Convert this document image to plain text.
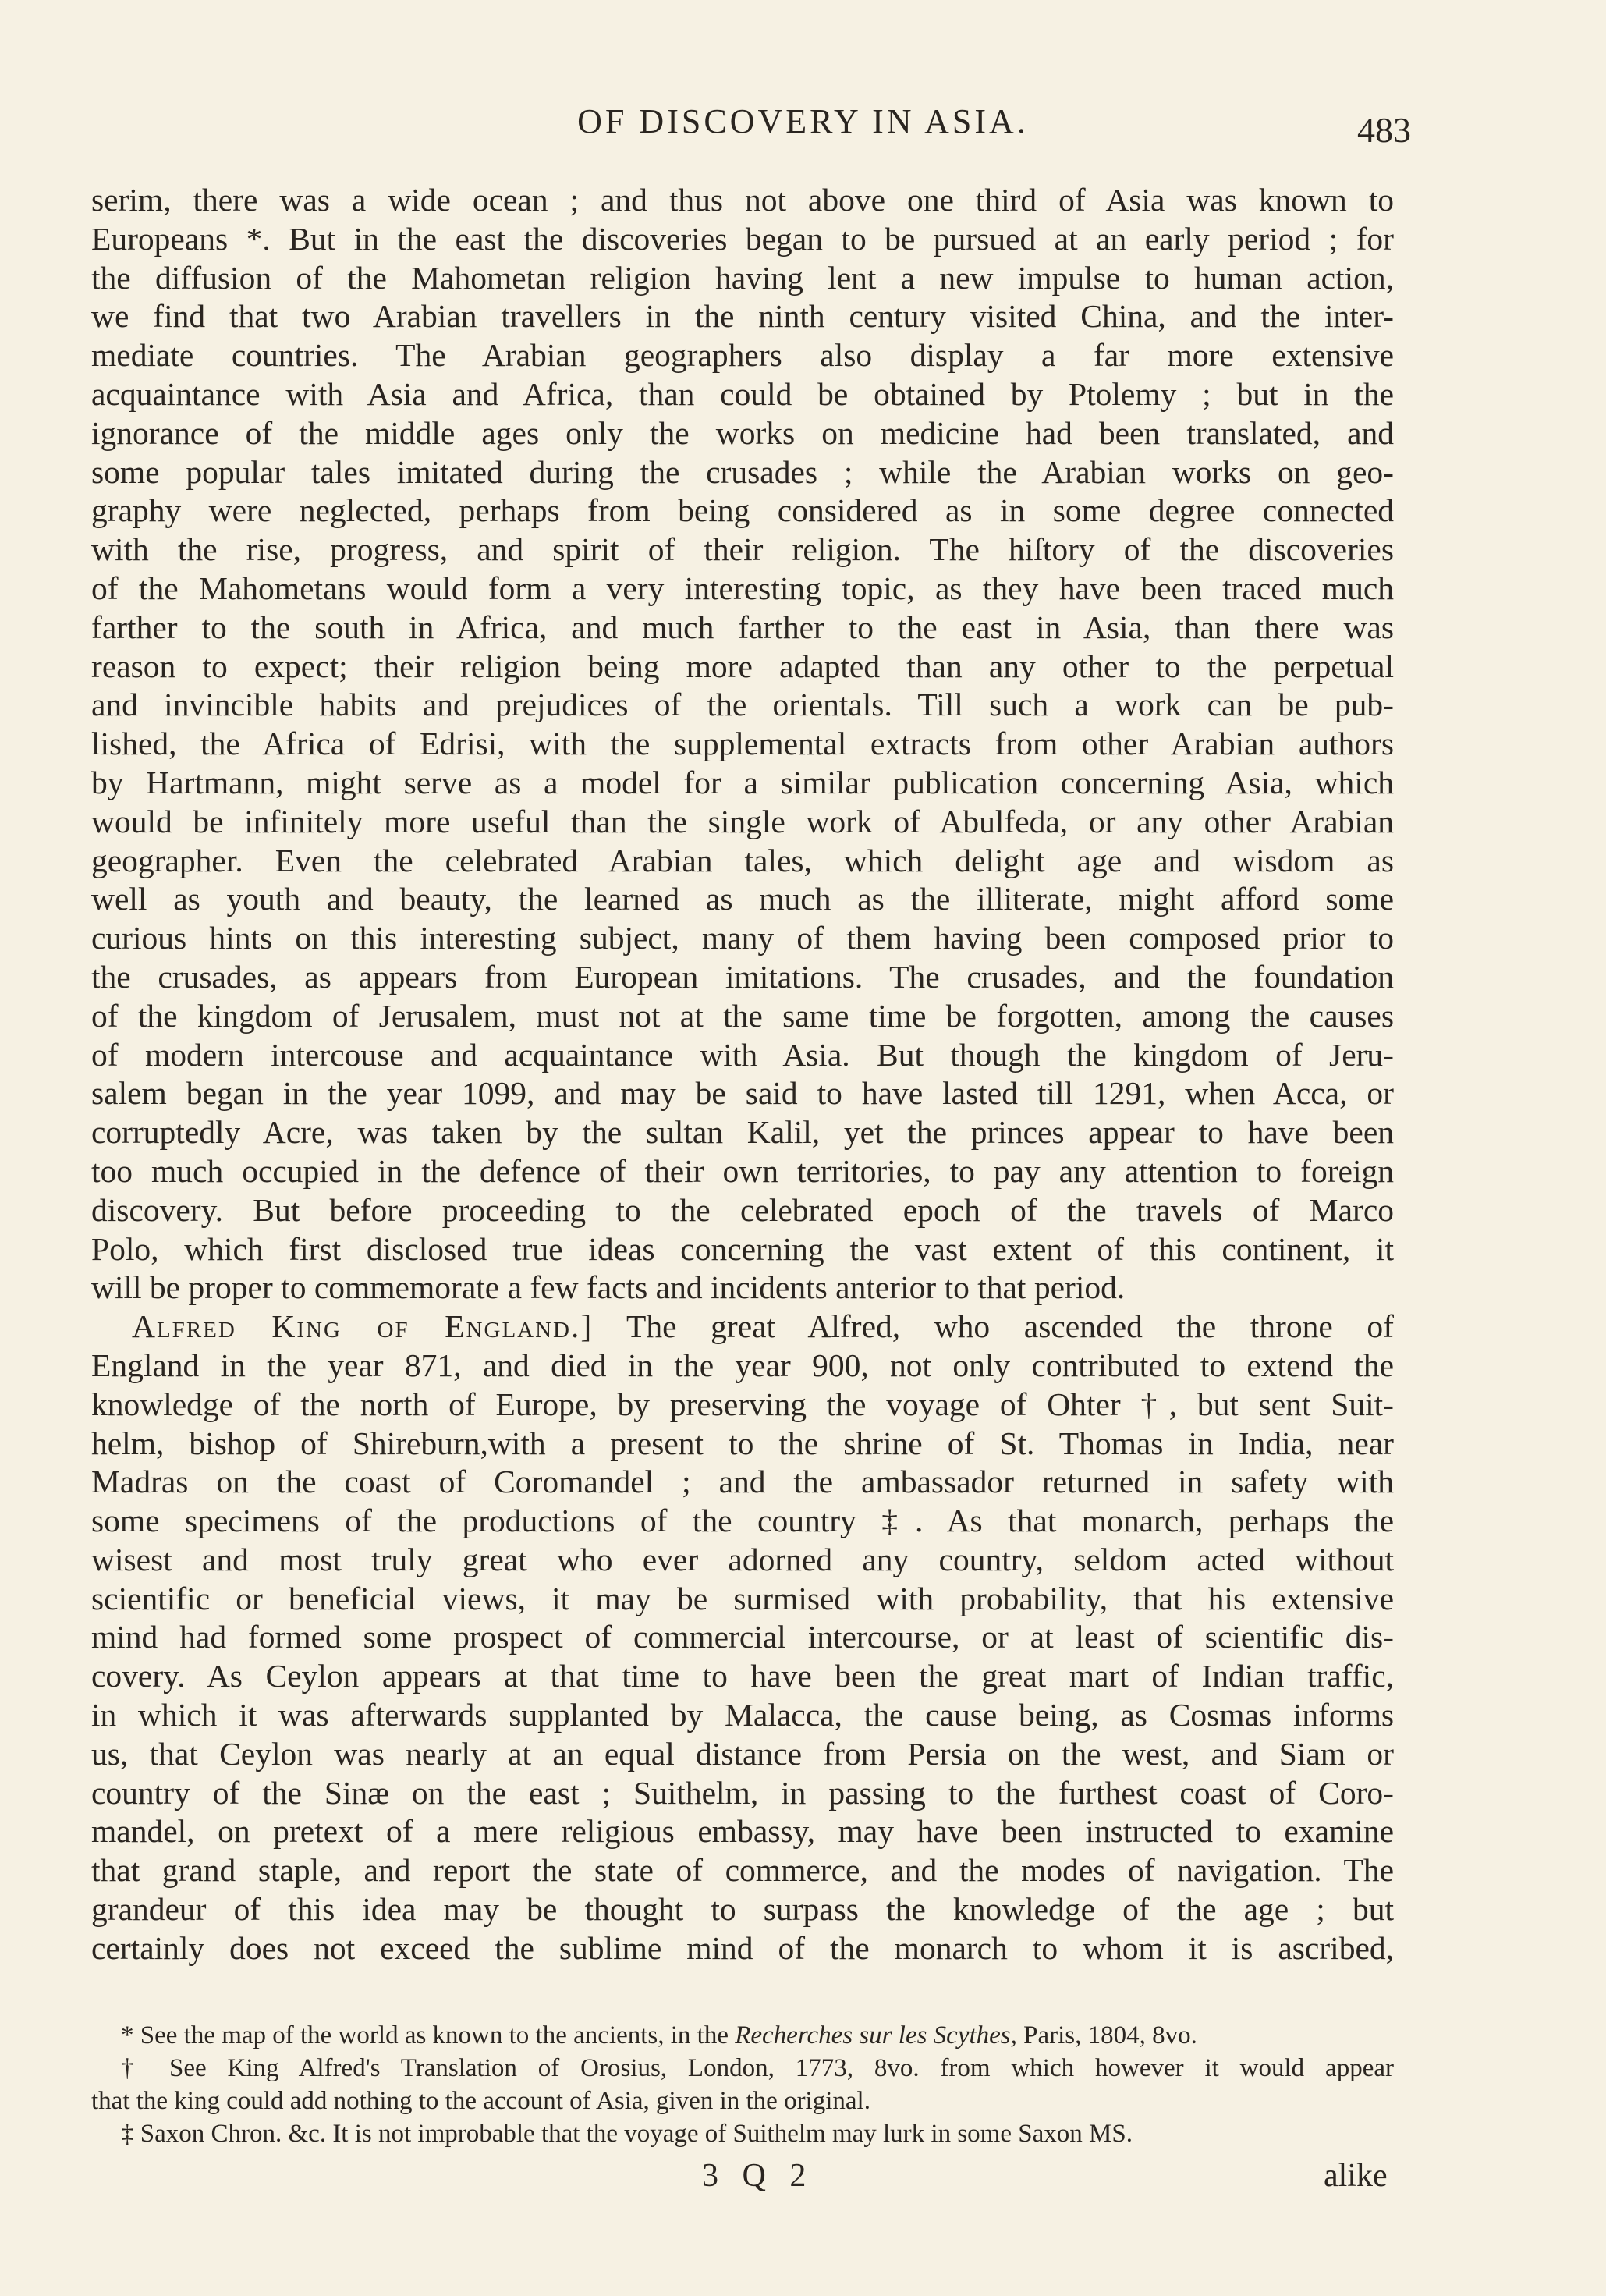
OF DISCOVERY IN ASIA.	483
serim, there was a wide ocean ; and thus not above one third of Asia was known to
Europeans *. But in the east the discoveries began to be pursued at an early period ; for
the diffusion of the Mahometan religion having lent a new impulse to human action,
we find that two Arabian travellers in the ninth century visited China, and the inter-
mediate countries. The Arabian geographers also display a far more extensive
acquaintance with Asia and Africa, than could be obtained by Ptolemy ; but in the
ignorance of the middle ages only the works on medicine had been translated, and
some popular tales imitated during the crusades ; while the Arabian works on geo-
graphy were neglected, perhaps from being considered as in some degree connected
with the rise, progress, and spirit of their religion. The hiſtory of the discoveries
of the Mahometans would form a very interesting topic, as they have been traced much
farther to the south in Africa, and much farther to the east in Asia, than there was
reason to expect; their religion being more adapted than any other to the perpetual
and invincible habits and prejudices of the orientals. Till such a work can be pub-
lished, the Africa of Edrisi, with the supplemental extracts from other Arabian authors
by Hartmann, might serve as a model for a similar publication concerning Asia, which
would be infinitely more useful than the single work of Abulfeda, or any other Arabian
geographer. Even the celebrated Arabian tales, which delight age and wisdom as
well as youth and beauty, the learned as much as the illiterate, might afford some
curious hints on this interesting subject, many of them having been composed prior to
the crusades, as appears from European imitations. The crusades, and the foundation
of the kingdom of Jerusalem, must not at the same time be forgotten, among the causes
of modern intercouse and acquaintance with Asia. But though the kingdom of Jeru-
salem began in the year 1099, and may be said to have lasted till 1291, when Acca, or
corruptedly Acre, was taken by the sultan Kalil, yet the princes appear to have been
too much occupied in the defence of their own territories, to pay any attention to foreign
discovery. But before proceeding to the celebrated epoch of the travels of Marco
Polo, which first disclosed true ideas concerning the vast extent of this continent, it
will be proper to commemorate a few facts and incidents anterior to that period.
Alfred King of England.] The great Alfred, who ascended the throne of
England in the year 871, and died in the year 900, not only contributed to extend the
knowledge of the north of Europe, by preserving the voyage of Ohter †, but sent Suit-
helm, bishop of Shireburn,with a present to the shrine of St. Thomas in India, near
Madras on the coast of Coromandel ; and the ambassador returned in safety with
some specimens of the productions of the country ‡. As that monarch, perhaps the
wisest and most truly great who ever adorned any country, seldom acted without
scientific or beneficial views, it may be surmised with probability, that his extensive
mind had formed some prospect of commercial intercourse, or at least of scientific dis-
covery. As Ceylon appears at that time to have been the great mart of Indian traffic,
in which it was afterwards supplanted by Malacca, the cause being, as Cosmas informs
us, that Ceylon was nearly at an equal distance from Persia on the west, and Siam or
country of the Sinæ on the east ; Suithelm, in passing to the furthest coast of Coro-
mandel, on pretext of a mere religious embassy, may have been instructed to examine
that grand staple, and report the state of commerce, and the modes of navigation. The
grandeur of this idea may be thought to surpass the knowledge of the age ; but
certainly does not exceed the sublime mind of the monarch to whom it is ascribed,
* See the map of the world as known to the ancients, in the Recherches sur les Scythes, Paris, 1804, 8vo.
† See King Alfred's Translation of Orosius, London, 1773, 8vo. from which however it would appear
that the king could add nothing to the account of Asia, given in the original.
‡ Saxon Chron. &c. It is not improbable that the voyage of Suithelm may lurk in some Saxon MS.
3 Q 2	alike
